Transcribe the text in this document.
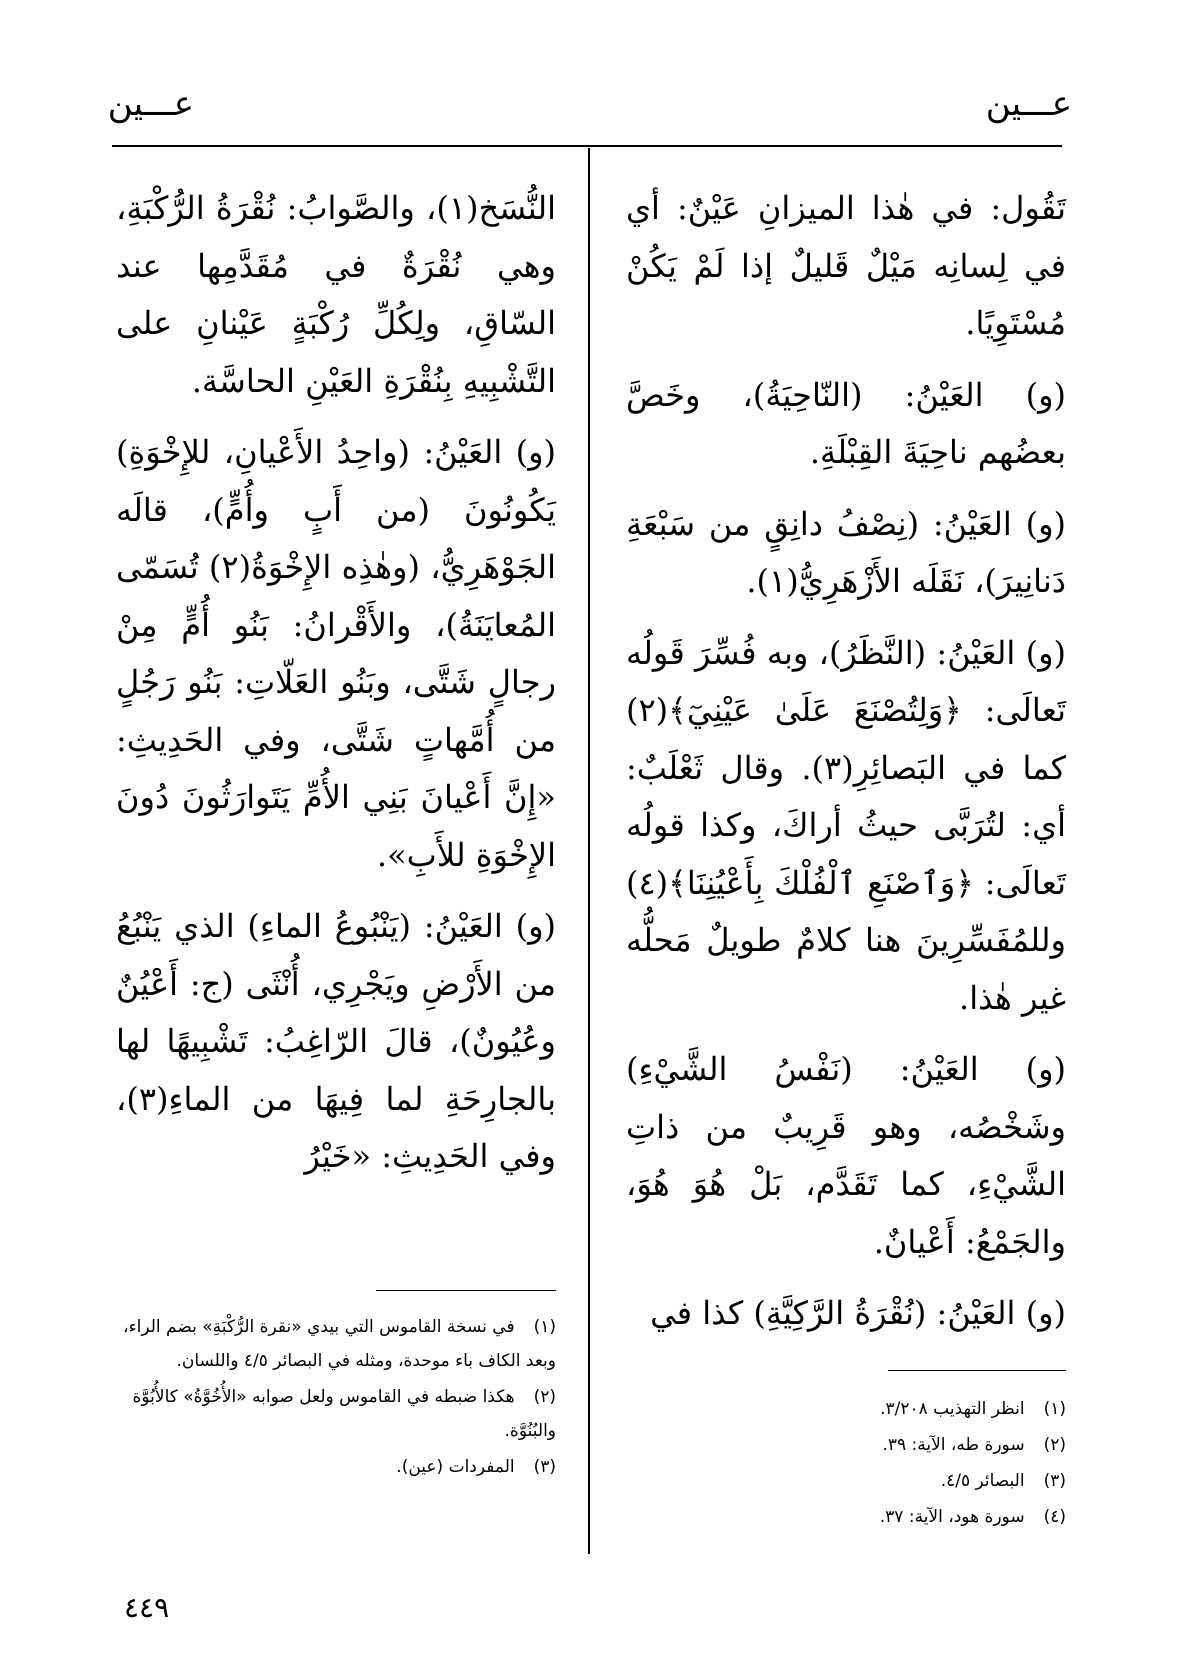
عـــين
عـــين

تَقُول: في هٰذا الميزانِ عَيْنٌ: أي في لِسانِه مَيْلٌ قَليلٌ إذا لَمْ يَكُنْ مُسْتَوِيًا.

(و) العَيْنُ: (النّاحِيَةُ)، وخَصَّ بعضُهم ناحِيَةَ القِبْلَةِ.

(و) العَيْنُ: (نِصْفُ دانِقٍ من سَبْعَةِ دَنانِيرَ)، نَقَلَه الأَزْهَرِيُّ(١).

(و) العَيْنُ: (النَّظَرُ)، وبه فُسِّرَ قَولُه تَعالَى: ﴿وَلِتُصْنَعَ عَلَىٰ عَيْنِيٓ﴾(٢) كما في البَصائِرِ(٣). وقال ثَعْلَبٌ: أي: لتُرَبَّى حيثُ أراكَ، وكذا قولُه تَعالَى: ﴿وَٱصْنَعِ ٱلْفُلْكَ بِأَعْيُنِنَا﴾(٤) وللمُفَسِّرِينَ هنا كلامٌ طويلٌ مَحلُّه غير هٰذا.

(و) العَيْنُ: (نَفْسُ الشَّيْءِ) وشَخْصُه، وهو قَرِيبٌ من ذاتِ الشَّيْءِ، كما تَقَدَّم، بَلْ هُوَ هُوَ، والجَمْعُ: أَعْيانٌ.

(و) العَيْنُ: (نُقْرَةُ الرَّكِيَّةِ) كذا في

النُّسَخ(١)، والصَّوابُ: نُقْرَةُ الرُّكْبَةِ، وهي نُقْرَةٌ في مُقَدَّمِها عند السّاقِ، ولِكُلِّ رُكْبَةٍ عَيْنانِ على التَّشْبِيهِ بِنُقْرَةِ العَيْنِ الحاسَّة.

(و) العَيْنُ: (واحِدُ الأَعْيانِ، للإِخْوَةِ) يَكُونُونَ (من أَبٍ وأُمٍّ)، قالَه الجَوْهَرِيُّ، (وهٰذِه الإِخْوَةُ(٢) تُسَمّى المُعايَنَةُ)، والأَقْرانُ: بَنُو أُمٍّ مِنْ رجالٍ شَتَّى، وبَنُو العَلّاتِ: بَنُو رَجُلٍ من أُمَّهاتٍ شَتَّى، وفي الحَدِيثِ: «إِنَّ أَعْيانَ بَنِي الأُمِّ يَتَوارَثُونَ دُونَ الإِخْوَةِ للأَبِ».

(و) العَيْنُ: (يَنْبُوعُ الماءِ) الذي يَنْبُعُ من الأَرْضِ ويَجْرِي، أُنْثَى (ج: أَعْيُنٌ وعُيُونٌ)، قالَ الرّاغِبُ: تَشْبِيهًا لها بالجارِحَةِ لما فِيهَا من الماءِ(٣)، وفي الحَدِيثِ: «خَيْرُ

(١) انظر التهذيب ٣/٢٠٨.
(٢) سورة طه، الآية: ٣٩.
(٣) البصائر ٤/٥.
(٤) سورة هود، الآية: ٣٧.
(١) في نسخة القاموس التي بيدي «نقرة الرُّكْبَةِ» بضم الراء، وبعد الكاف باء موحدة، ومثله في البصائر ٤/٥ واللسان.
(٢) هكذا ضبطه في القاموس ولعل صوابه «الأُخُوَّةُ» كالأُبُوَّة والبُنُوَّة.
(٣) المفردات (عين).
٤٤٩
